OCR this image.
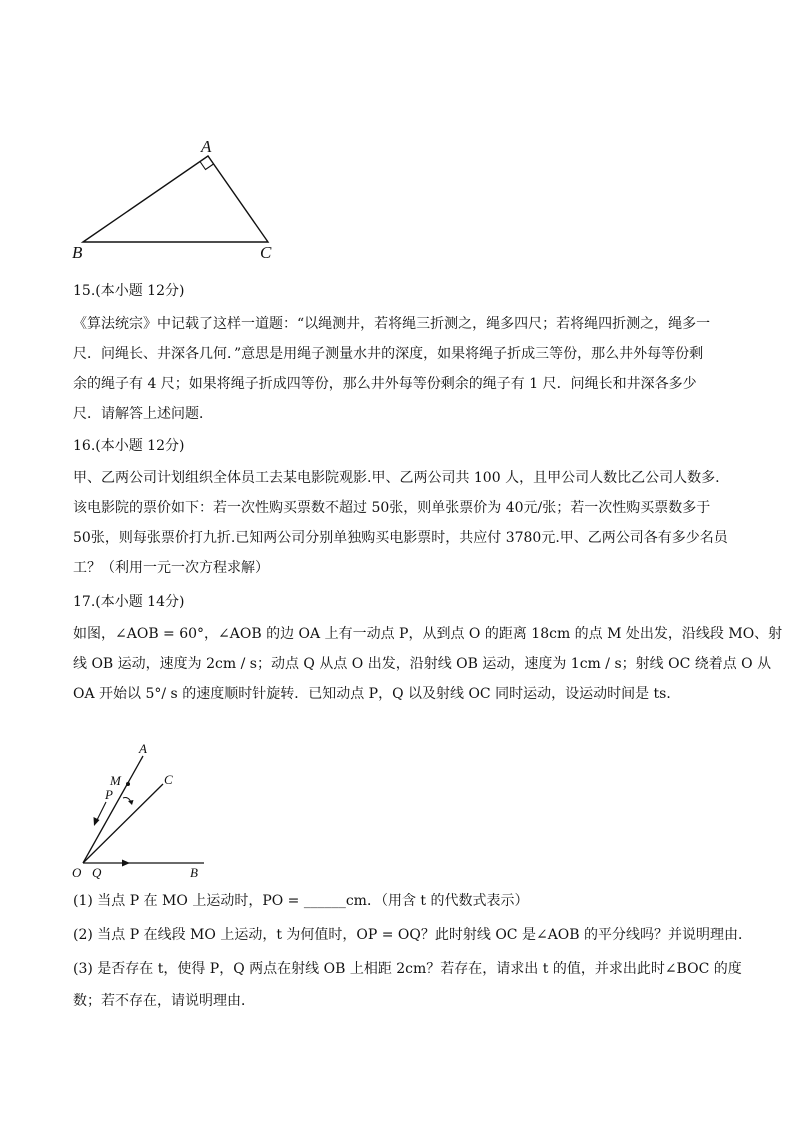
A
B	C
15.(本小题 12分)
《算法统宗》中记载了这样一道题：“以绳测井，若将绳三折测之，绳多四尺；若将绳四折测之，绳多一
尺．问绳长、井深各几何．”意思是用绳子测量水井的深度，如果将绳子折成三等份，那么井外每等份剩
余的绳子有 4 尺；如果将绳子折成四等份，那么井外每等份剩余的绳子有 1 尺．问绳长和井深各多少
尺．请解答上述问题．
16.(本小题 12分)
甲、乙两公司计划组织全体员工去某电影院观影.甲、乙两公司共 100 人，且甲公司人数比乙公司人数多.
该电影院的票价如下：若一次性购买票数不超过 50张，则单张票价为 40元/张；若一次性购买票数多于
50张，则每张票价打九折.已知两公司分别单独购买电影票时，共应付 3780元.甲、乙两公司各有多少名员
工？（利用一元一次方程求解）
17.(本小题 14分)
如图，∠AOB = 60°，∠AOB 的边 OA 上有一动点 P，从到点 O 的距离 18cm 的点 M 处出发，沿线段 MO、射
线 OB 运动，速度为 2cm / s；动点 Q 从点 O 出发，沿射线 OB 运动，速度为 1cm / s；射线 OC 绕着点 O 从
OA 开始以 5°/ s 的速度顺时针旋转．已知动点 P，Q 以及射线 OC 同时运动，设运动时间是 ts．
A
C
M
P
O Q	B
(1) 当点 P 在 MO 上运动时，PO = ______cm．（用含 t 的代数式表示）
(2) 当点 P 在线段 MO 上运动，t 为何值时，OP = OQ？此时射线 OC 是∠AOB 的平分线吗？并说明理由．
(3) 是否存在 t，使得 P，Q 两点在射线 OB 上相距 2cm？若存在，请求出 t 的值，并求出此时∠BOC 的度
数；若不存在，请说明理由．
